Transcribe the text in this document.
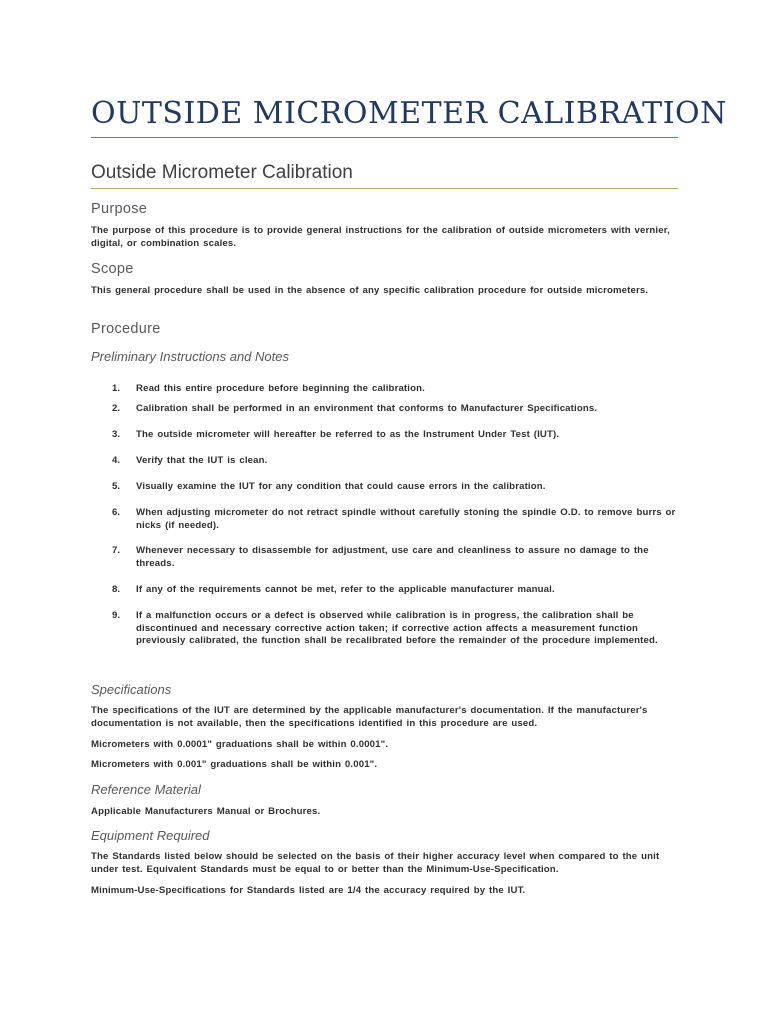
OUTSIDE MICROMETER CALIBRATION
Outside Micrometer Calibration
Purpose
The purpose of this procedure is to provide general instructions for the calibration of outside micrometers with vernier, digital, or combination scales.
Scope
This general procedure shall be used in the absence of any specific calibration procedure for outside micrometers.
Procedure
Preliminary Instructions and Notes
1. Read this entire procedure before beginning the calibration.
2. Calibration shall be performed in an environment that conforms to Manufacturer Specifications.
3. The outside micrometer will hereafter be referred to as the Instrument Under Test (IUT).
4. Verify that the IUT is clean.
5. Visually examine the IUT for any condition that could cause errors in the calibration.
6. When adjusting micrometer do not retract spindle without carefully stoning the spindle O.D. to remove burrs or nicks (if needed).
7. Whenever necessary to disassemble for adjustment, use care and cleanliness to assure no damage to the threads.
8. If any of the requirements cannot be met, refer to the applicable manufacturer manual.
9. If a malfunction occurs or a defect is observed while calibration is in progress, the calibration shall be discontinued and necessary corrective action taken; if corrective action affects a measurement function previously calibrated, the function shall be recalibrated before the remainder of the procedure implemented.
Specifications
The specifications of the IUT are determined by the applicable manufacturer's documentation. If the manufacturer's documentation is not available, then the specifications identified in this procedure are used.
Micrometers with 0.0001" graduations shall be within 0.0001".
Micrometers with 0.001" graduations shall be within 0.001".
Reference Material
Applicable Manufacturers Manual or Brochures.
Equipment Required
The Standards listed below should be selected on the basis of their higher accuracy level when compared to the unit under test. Equivalent Standards must be equal to or better than the Minimum-Use-Specification.
Minimum-Use-Specifications for Standards listed are 1/4 the accuracy required by the IUT.
